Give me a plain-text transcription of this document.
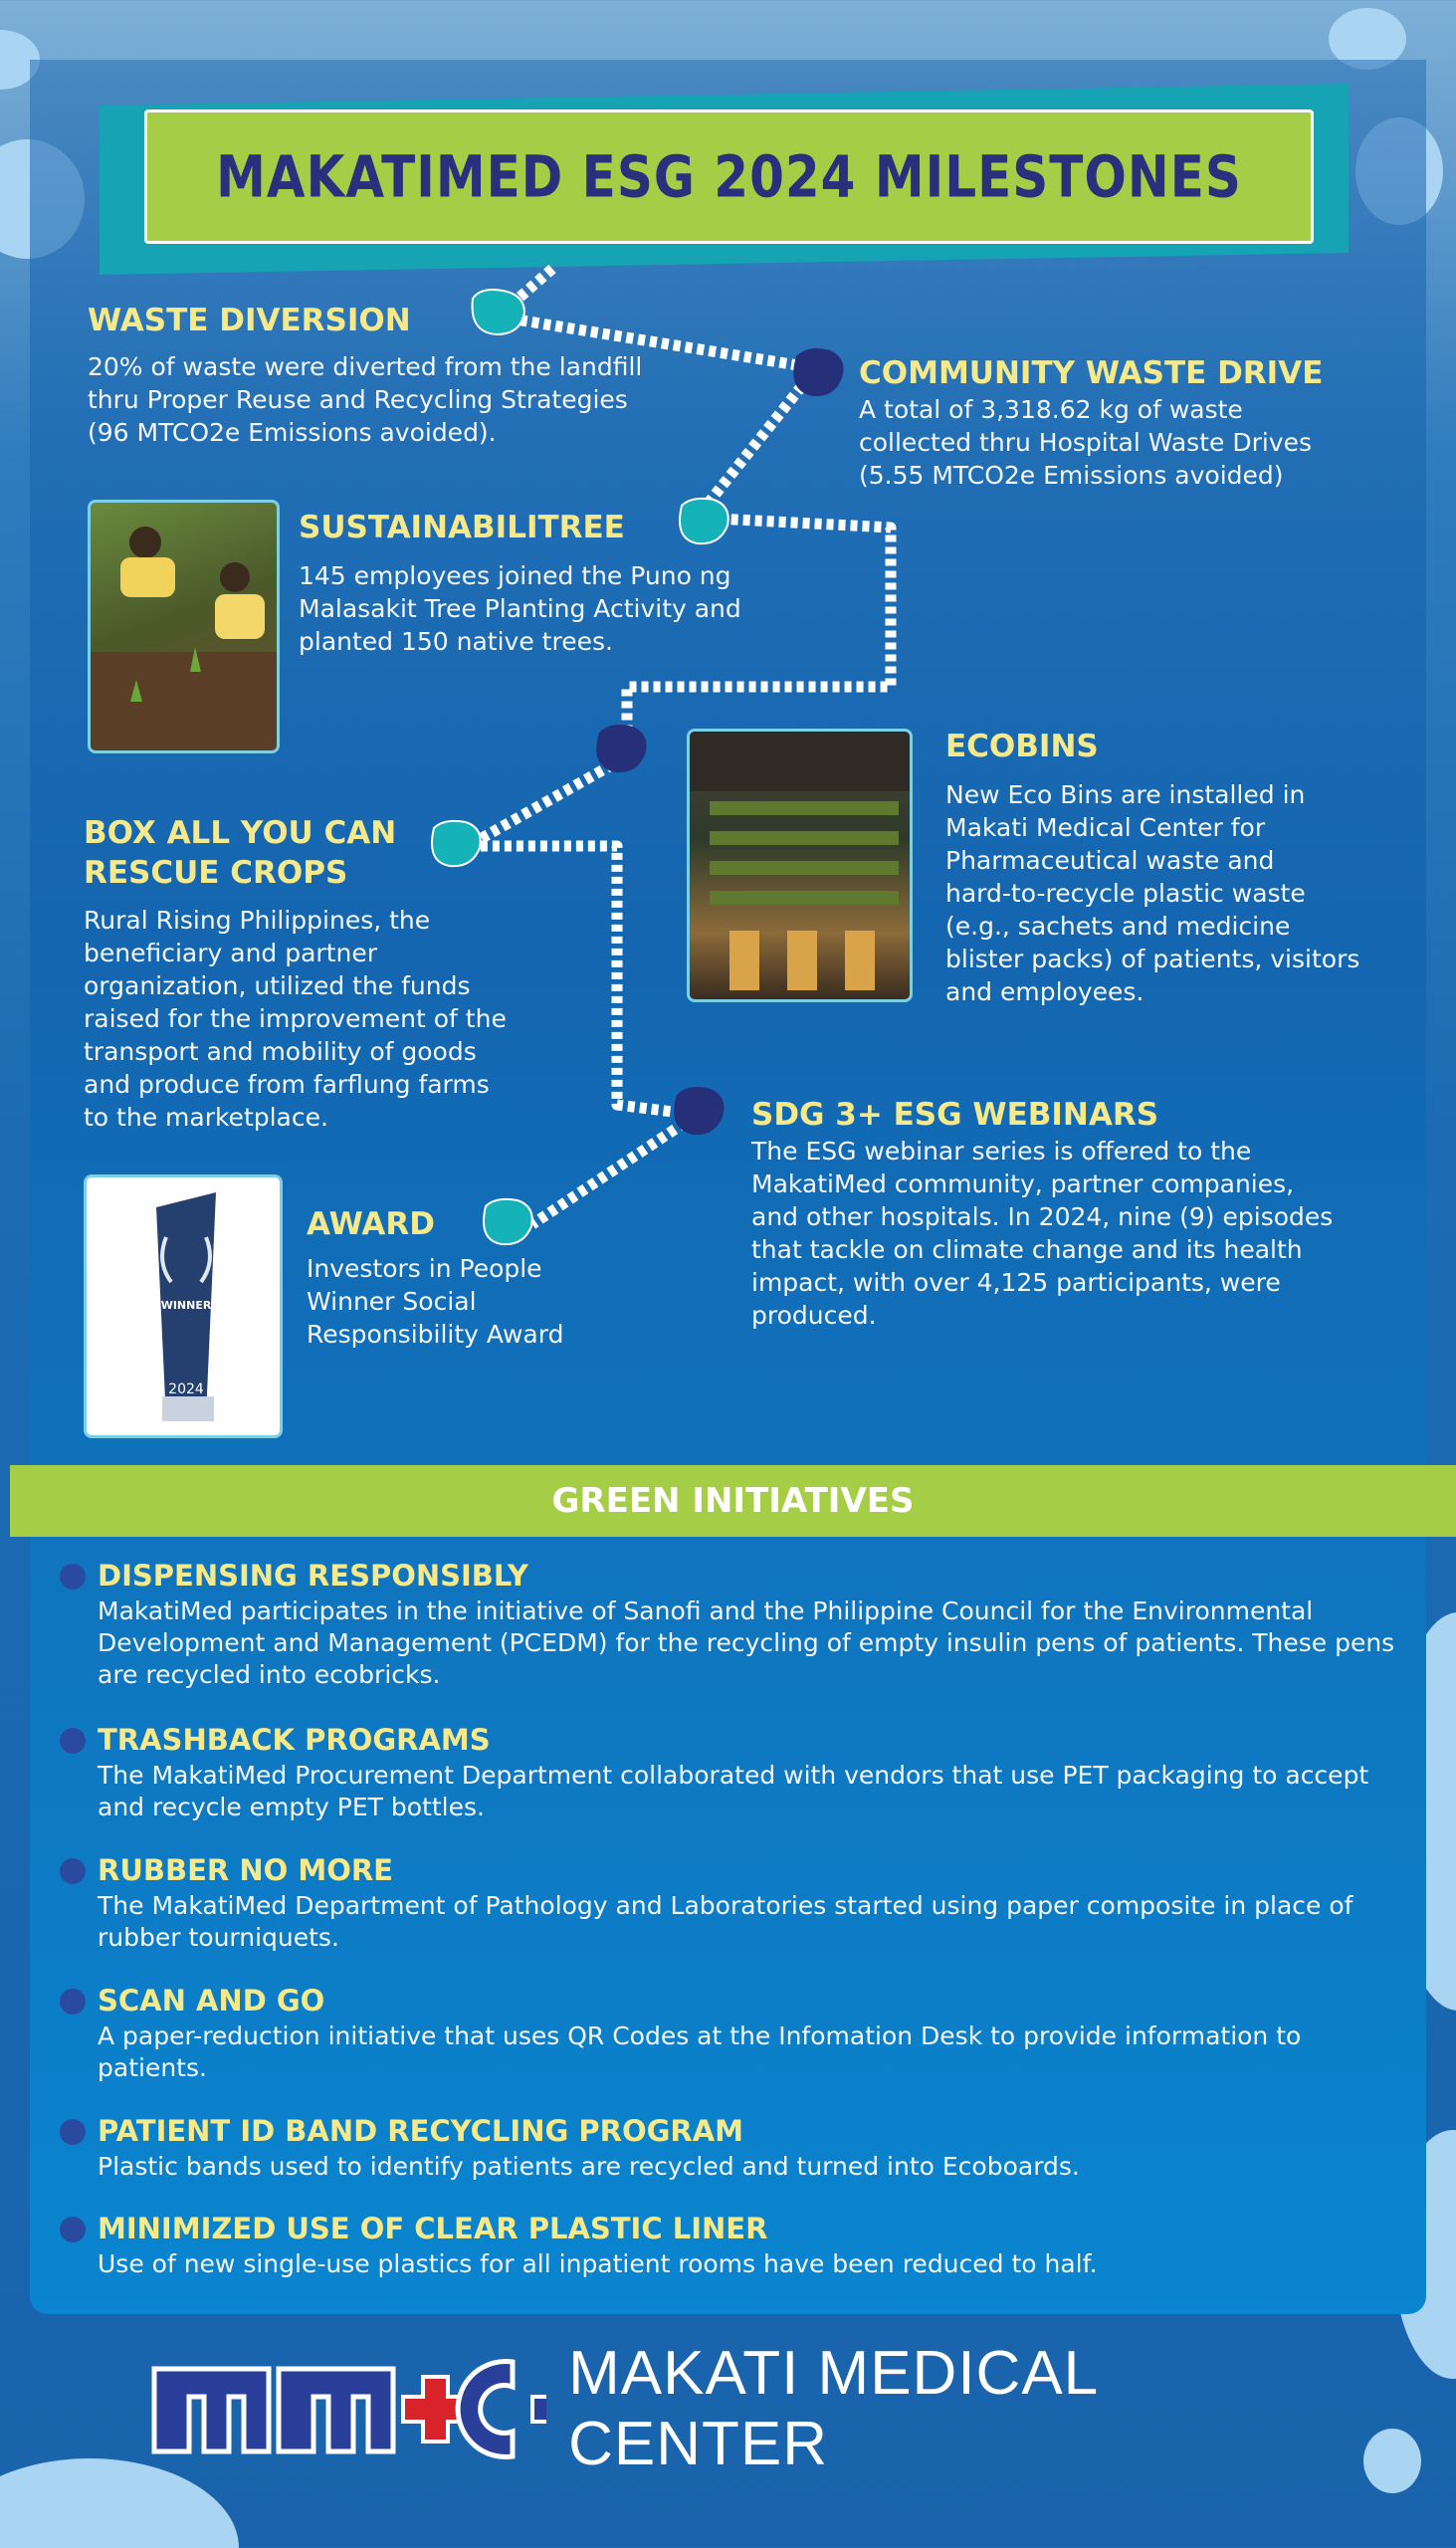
MAKATIMED ESG 2024 MILESTONES
WASTE DIVERSION

20% of waste were diverted from the landfill
thru Proper Reuse and Recycling Strategies
(96 MTCO2e Emissions avoided).

COMMUNITY WASTE DRIVE

A total of 3,318.62 kg of waste
collected thru Hospital Waste Drives
(5.55 MTCO2e Emissions avoided)

SUSTAINABILITREE

145 employees joined the Puno ng
Malasakit Tree Planting Activity and
planted 150 native trees.

ECOBINS

New Eco Bins are installed in
Makati Medical Center for
Pharmaceutical waste and
hard-to-recycle plastic waste
(e.g., sachets and medicine
blister packs) of patients, visitors
and employees.

BOX ALL YOU CAN
RESCUE CROPS

Rural Rising Philippines, the
beneficiary and partner
organization, utilized the funds
raised for the improvement of the
transport and mobility of goods
and produce from farflung farms
to the marketplace.	SDG 3+ ESG WEBINARS

The ESG webinar series is offered to the
MakatiMed community, partner companies,
and other hospitals. In 2024, nine (9) episodes
that tackle on climate change and its health
impact, with over 4,125 participants, were
produced.

WINNER
2024
AWARD

Investors in People
Winner Social
Responsibility Award

GREEN INITIATIVES
DISPENSING RESPONSIBLY

MakatiMed participates in the initiative of Sanofi and the Philippine Council for the Environmental Development and Management (PCEDM) for the recycling of empty insulin pens of patients. These pens are recycled into ecobricks.

TRASHBACK PROGRAMS

The MakatiMed Procurement Department collaborated with vendors that use PET packaging to accept and recycle empty PET bottles.

RUBBER NO MORE

The MakatiMed Department of Pathology and Laboratories started using paper composite in place of rubber tourniquets.

SCAN AND GO

A paper-reduction initiative that uses QR Codes at the Infomation Desk to provide information to patients.

PATIENT ID BAND RECYCLING PROGRAM

Plastic bands used to identify patients are recycled and turned into Ecoboards.

MINIMIZED USE OF CLEAR PLASTIC LINER

Use of new single-use plastics for all inpatient rooms have been reduced to half.

MAKATI MEDICAL CENTER
